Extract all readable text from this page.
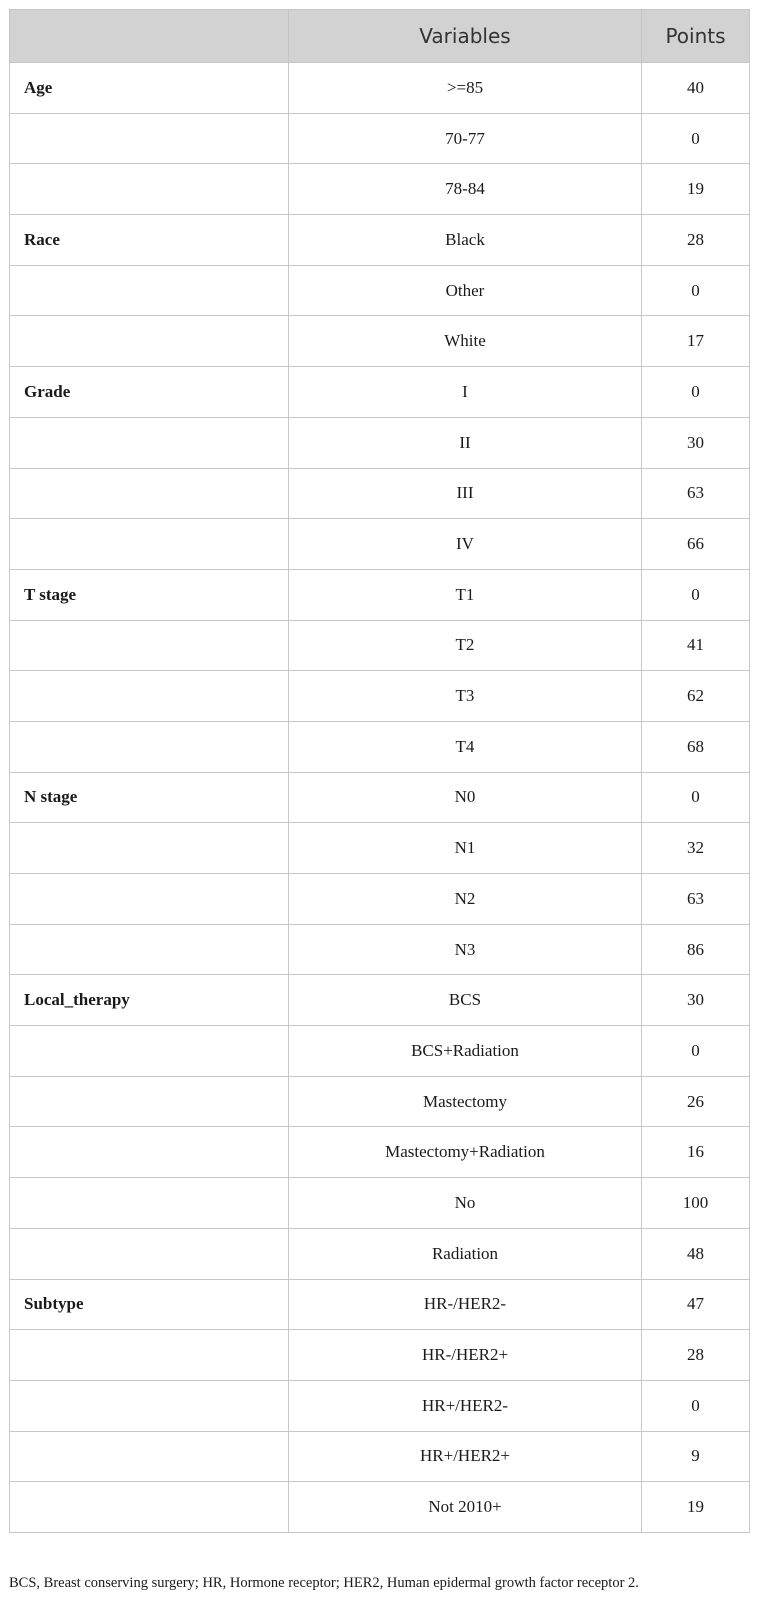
	Variables	Points
Age	>=85	40
	70-77	0
	78-84	19
Race	Black	28
	Other	0
	White	17
Grade	I	0
	II	30
	III	63
	IV	66
T stage	T1	0
	T2	41
	T3	62
	T4	68
N stage	N0	0
	N1	32
	N2	63
	N3	86
Local_therapy	BCS	30
	BCS+Radiation	0
	Mastectomy	26
	Mastectomy+Radiation	16
	No	100
	Radiation	48
Subtype	HR-/HER2-	47
	HR-/HER2+	28
	HR+/HER2-	0
	HR+/HER2+	9
	Not 2010+	19
BCS, Breast conserving surgery; HR, Hormone receptor; HER2, Human epidermal growth factor receptor 2.
